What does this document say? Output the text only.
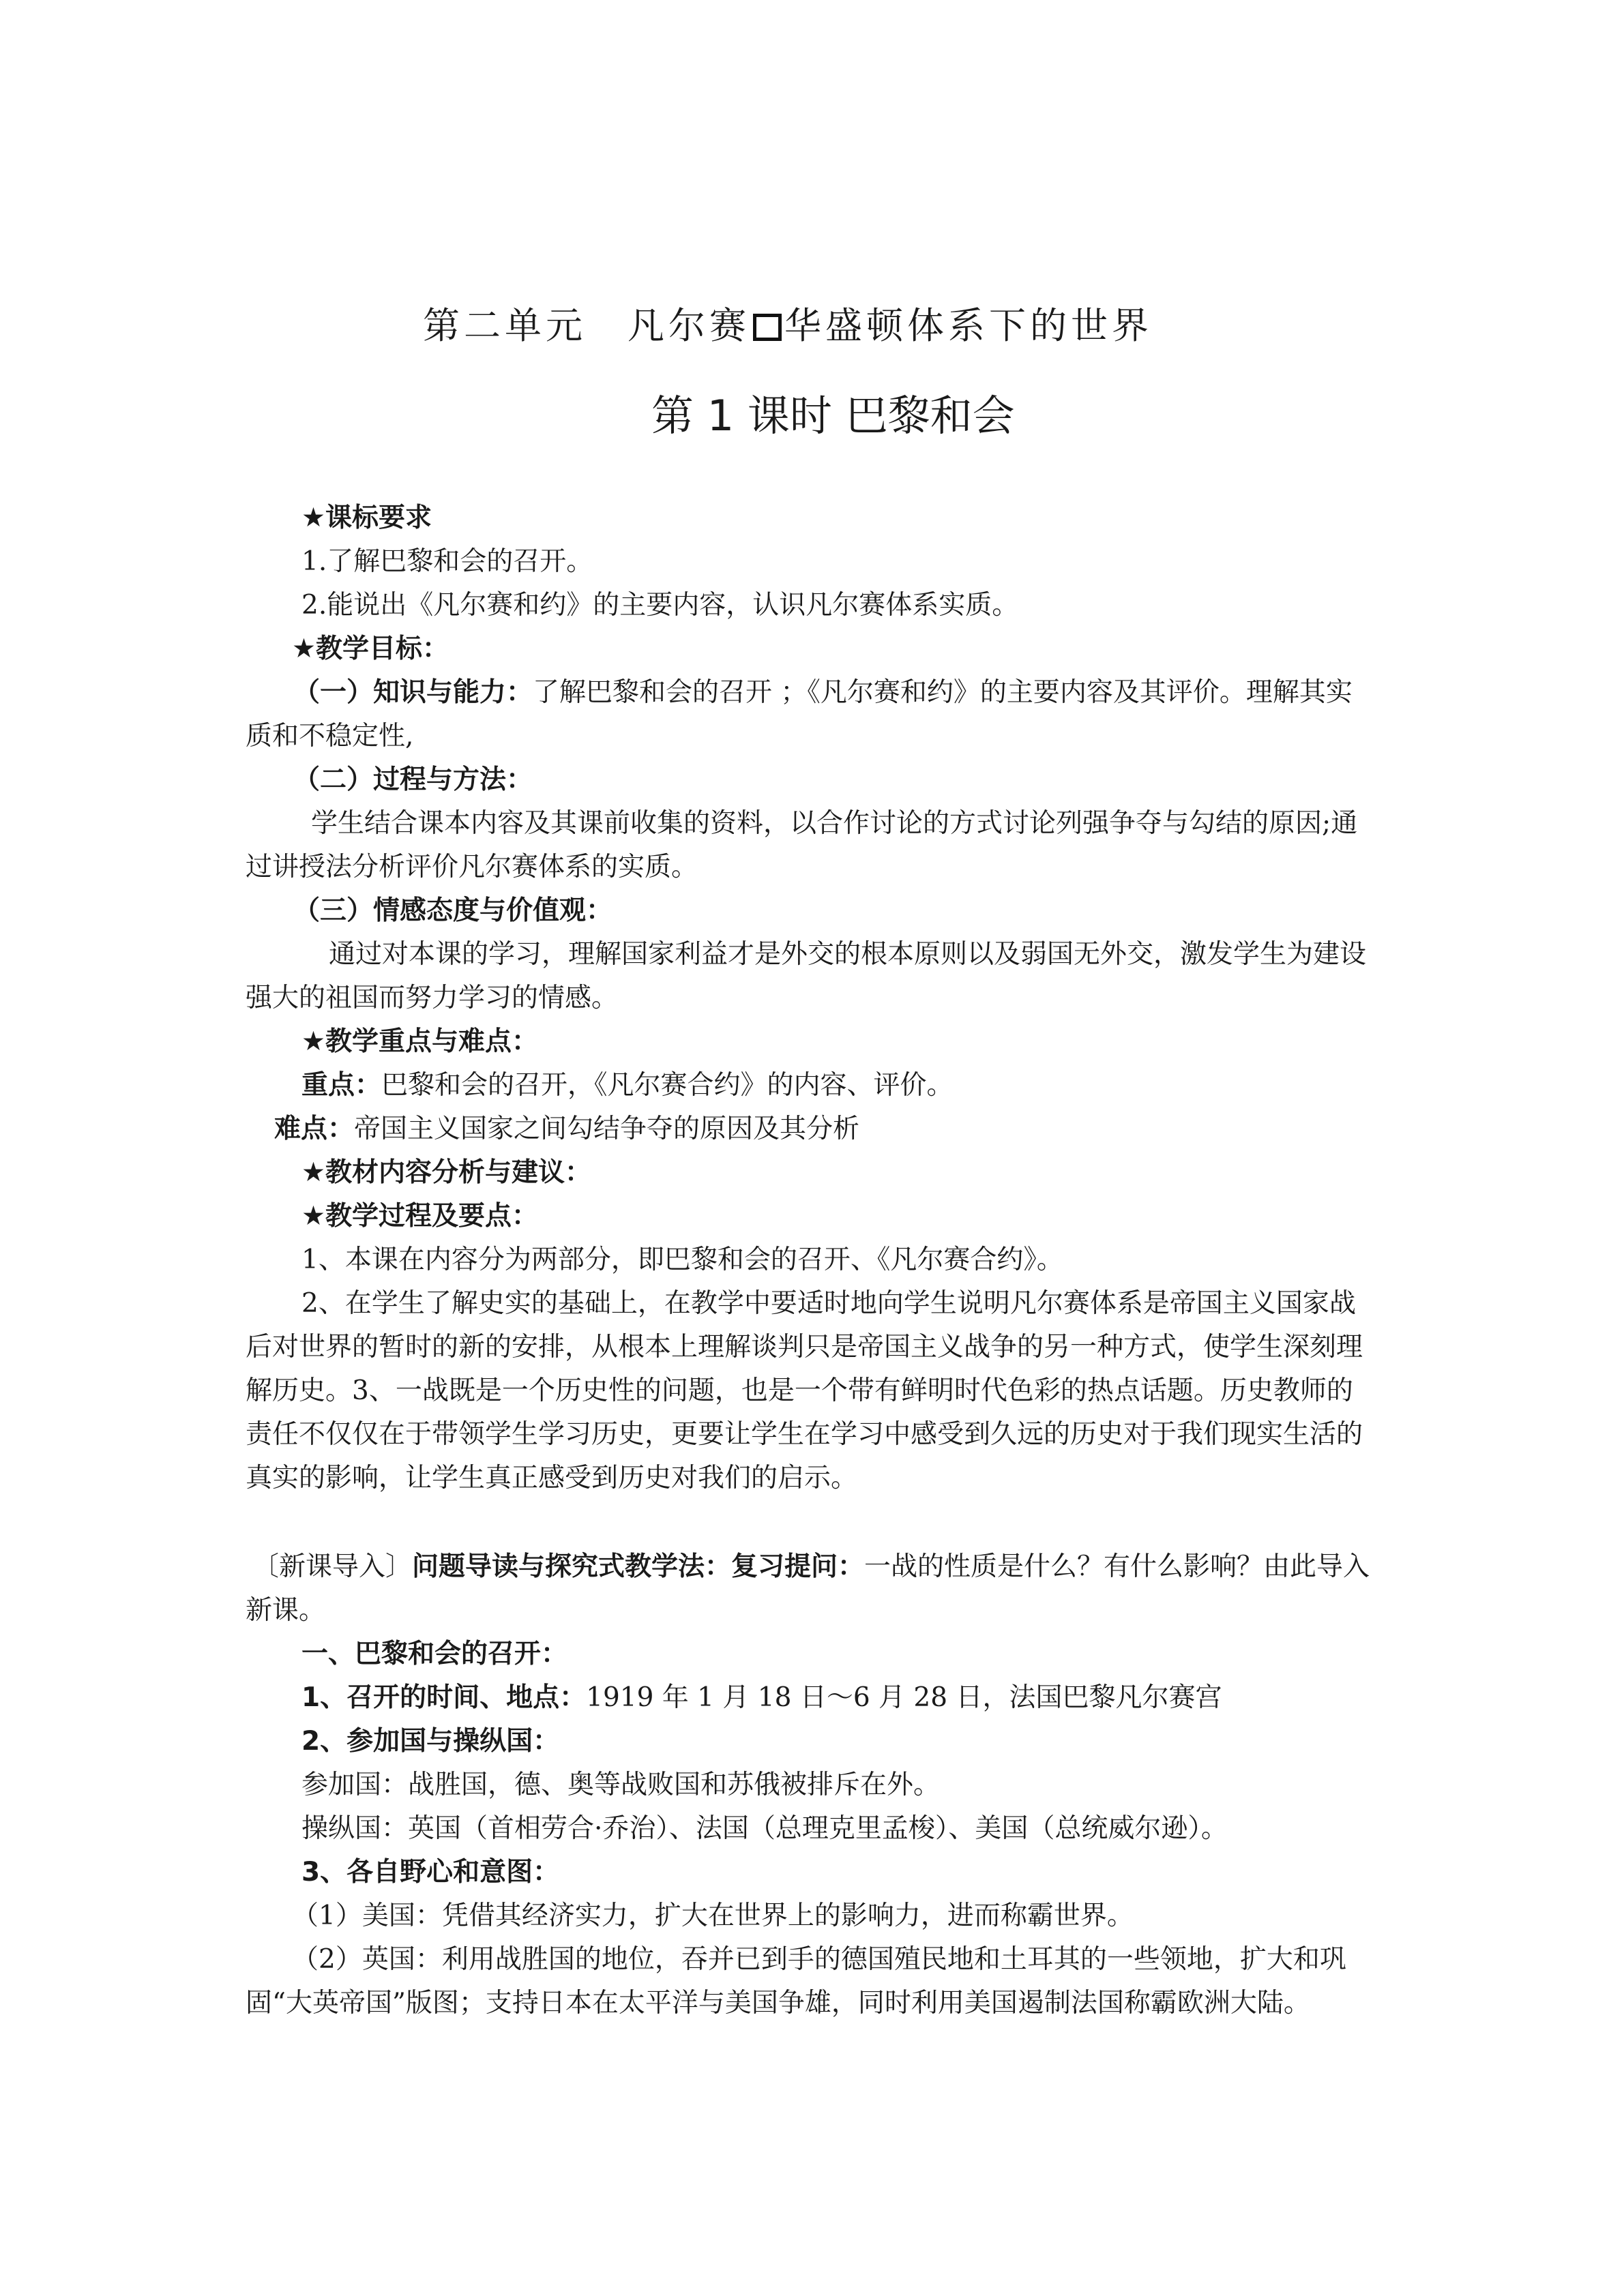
第二单元　凡尔赛 华盛顿体系下的世界
第 1 课时 巴黎和会

★课标要求

1.了解巴黎和会的召开。

2.能说出《凡尔赛和约》的主要内容，认识凡尔赛体系实质。

★教学目标：

（一）知识与能力：了解巴黎和会的召开 ；《凡尔赛和约》的主要内容及其评价。理解其实质和不稳定性,

（二）过程与方法：

学生结合课本内容及其课前收集的资料，以合作讨论的方式讨论列强争夺与勾结的原因;通过讲授法分析评价凡尔赛体系的实质。

（三）情感态度与价值观：

通过对本课的学习，理解国家利益才是外交的根本原则以及弱国无外交，激发学生为建设强大的祖国而努力学习的情感。

★教学重点与难点：

重点：巴黎和会的召开，《凡尔赛合约》的内容、评价。

难点：帝国主义国家之间勾结争夺的原因及其分析

★教材内容分析与建议：

★教学过程及要点：

1、本课在内容分为两部分，即巴黎和会的召开、《凡尔赛合约》。

2、在学生了解史实的基础上，在教学中要适时地向学生说明凡尔赛体系是帝国主义国家战后对世界的暂时的新的安排，从根本上理解谈判只是帝国主义战争的另一种方式，使学生深刻理解历史。3、一战既是一个历史性的问题，也是一个带有鲜明时代色彩的热点话题。历史教师的责任不仅仅在于带领学生学习历史，更要让学生在学习中感受到久远的历史对于我们现实生活的真实的影响，让学生真正感受到历史对我们的启示。

〔新课导入〕问题导读与探究式教学法：复习提问：一战的性质是什么？有什么影响？由此导入新课。

一、巴黎和会的召开：

1、召开的时间、地点：1919 年 1 月 18 日～6 月 28 日，法国巴黎凡尔赛宫

2、参加国与操纵国：

参加国：战胜国，德、奥等战败国和苏俄被排斥在外。

操纵国：英国（首相劳合·乔治）、法国（总理克里孟梭）、美国（总统威尔逊）。

3、各自野心和意图：

（1）美国：凭借其经济实力，扩大在世界上的影响力，进而称霸世界。

（2）英国：利用战胜国的地位，吞并已到手的德国殖民地和土耳其的一些领地，扩大和巩固“大英帝国”版图；支持日本在太平洋与美国争雄，同时利用美国遏制法国称霸欧洲大陆。
